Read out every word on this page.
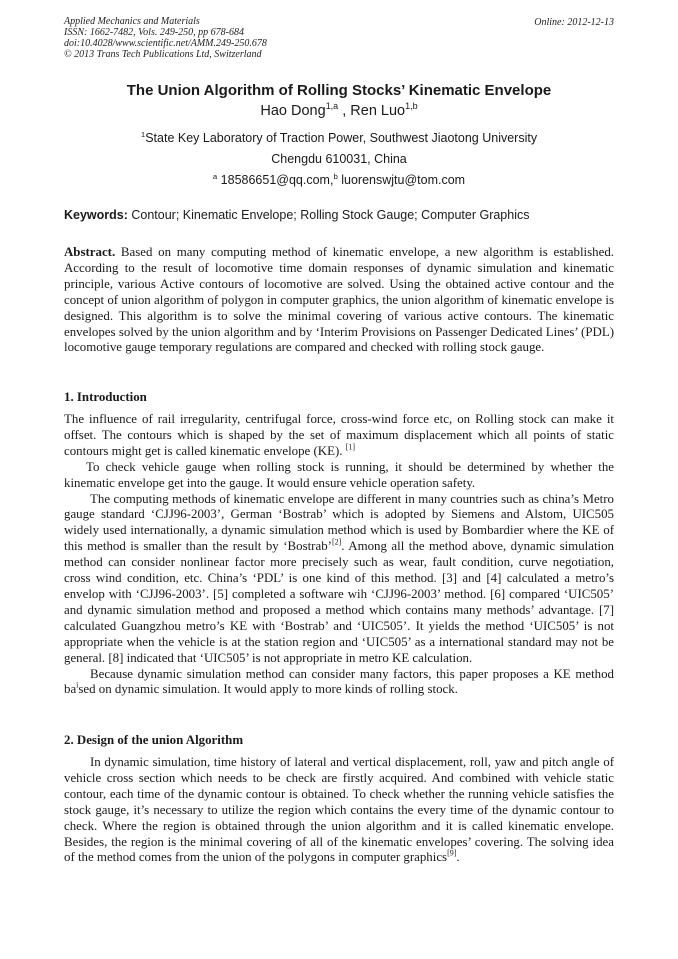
Applied Mechanics and Materials
ISSN: 1662-7482, Vols. 249-250, pp 678-684
doi:10.4028/www.scientific.net/AMM.249-250.678
© 2013 Trans Tech Publications Ltd, Switzerland
Online: 2012-12-13
The Union Algorithm of Rolling Stocks’ Kinematic Envelope
Hao Dong$^{1,a}$ , Ren Luo$^{1,b}$
$^1$State Key Laboratory of Traction Power, Southwest Jiaotong University
Chengdu 610031, China
$^a$ 18586651@qq.com,$^b$ luorenswjtu@tom.com
Keywords: Contour; Kinematic Envelope; Rolling Stock Gauge; Computer Graphics

Abstract. Based on many computing method of kinematic envelope, a new algorithm is established. According to the result of locomotive time domain responses of dynamic simulation and kinematic principle, various Active contours of locomotive are solved. Using the obtained active contour and the concept of union algorithm of polygon in computer graphics, the union algorithm of kinematic envelope is designed. This algorithm is to solve the minimal covering of various active contours. The kinematic envelopes solved by the union algorithm and by ‘Interim Provisions on Passenger Dedicated Lines’ (PDL) locomotive gauge temporary regulations are compared and checked with rolling stock gauge.

1. Introduction

The influence of rail irregularity, centrifugal force, cross-wind force etc, on Rolling stock can make it offset. The contours which is shaped by the set of maximum displacement which all points of static contours might get is called kinematic envelope (KE). [1]

To check vehicle gauge when rolling stock is running, it should be determined by whether the kinematic envelope get into the gauge. It would ensure vehicle operation safety.

The computing methods of kinematic envelope are different in many countries such as china’s Metro gauge standard ‘CJJ96-2003’, German ‘Bostrab’ which is adopted by Siemens and Alstom, UIC505 widely used internationally, a dynamic simulation method which is used by Bombardier where the KE of this method is smaller than the result by ‘Bostrab’[2]. Among all the method above, dynamic simulation method can consider nonlinear factor more precisely such as wear, fault condition, curve negotiation, cross wind condition, etc. China’s ‘PDL’ is one kind of this method. [3] and [4] calculated a metro’s envelop with ‘CJJ96-2003’. [5] completed a software wih ‘CJJ96-2003’ method. [6] compared ‘UIC505’ and dynamic simulation method and proposed a method which contains many methods’ advantage. [7] calculated Guangzhou metro’s KE with ‘Bostrab’ and ‘UIC505’. It yields the method ‘UIC505’ is not appropriate when the vehicle is at the station region and ‘UIC505’ as a international standard may not be general. [8] indicated that ‘UIC505’ is not appropriate in metro KE calculation.

Because dynamic simulation method can consider many factors, this paper proposes a KE method $ba^ised$ on dynamic simulation. It would apply to more kinds of rolling stock.

2. Design of the union Algorithm

In dynamic simulation, time history of lateral and vertical displacement, roll, yaw and pitch angle of vehicle cross section which needs to be check are firstly acquired. And combined with vehicle static contour, each time of the dynamic contour is obtained. To check whether the running vehicle satisfies the stock gauge, it’s necessary to utilize the region which contains the every time of the dynamic contour to check. Where the region is obtained through the union algorithm and it is called kinematic envelope. Besides, the region is the minimal covering of all of the kinematic envelopes’ covering. The solving idea of the method comes from the union of the polygons in computer graphics[9].
